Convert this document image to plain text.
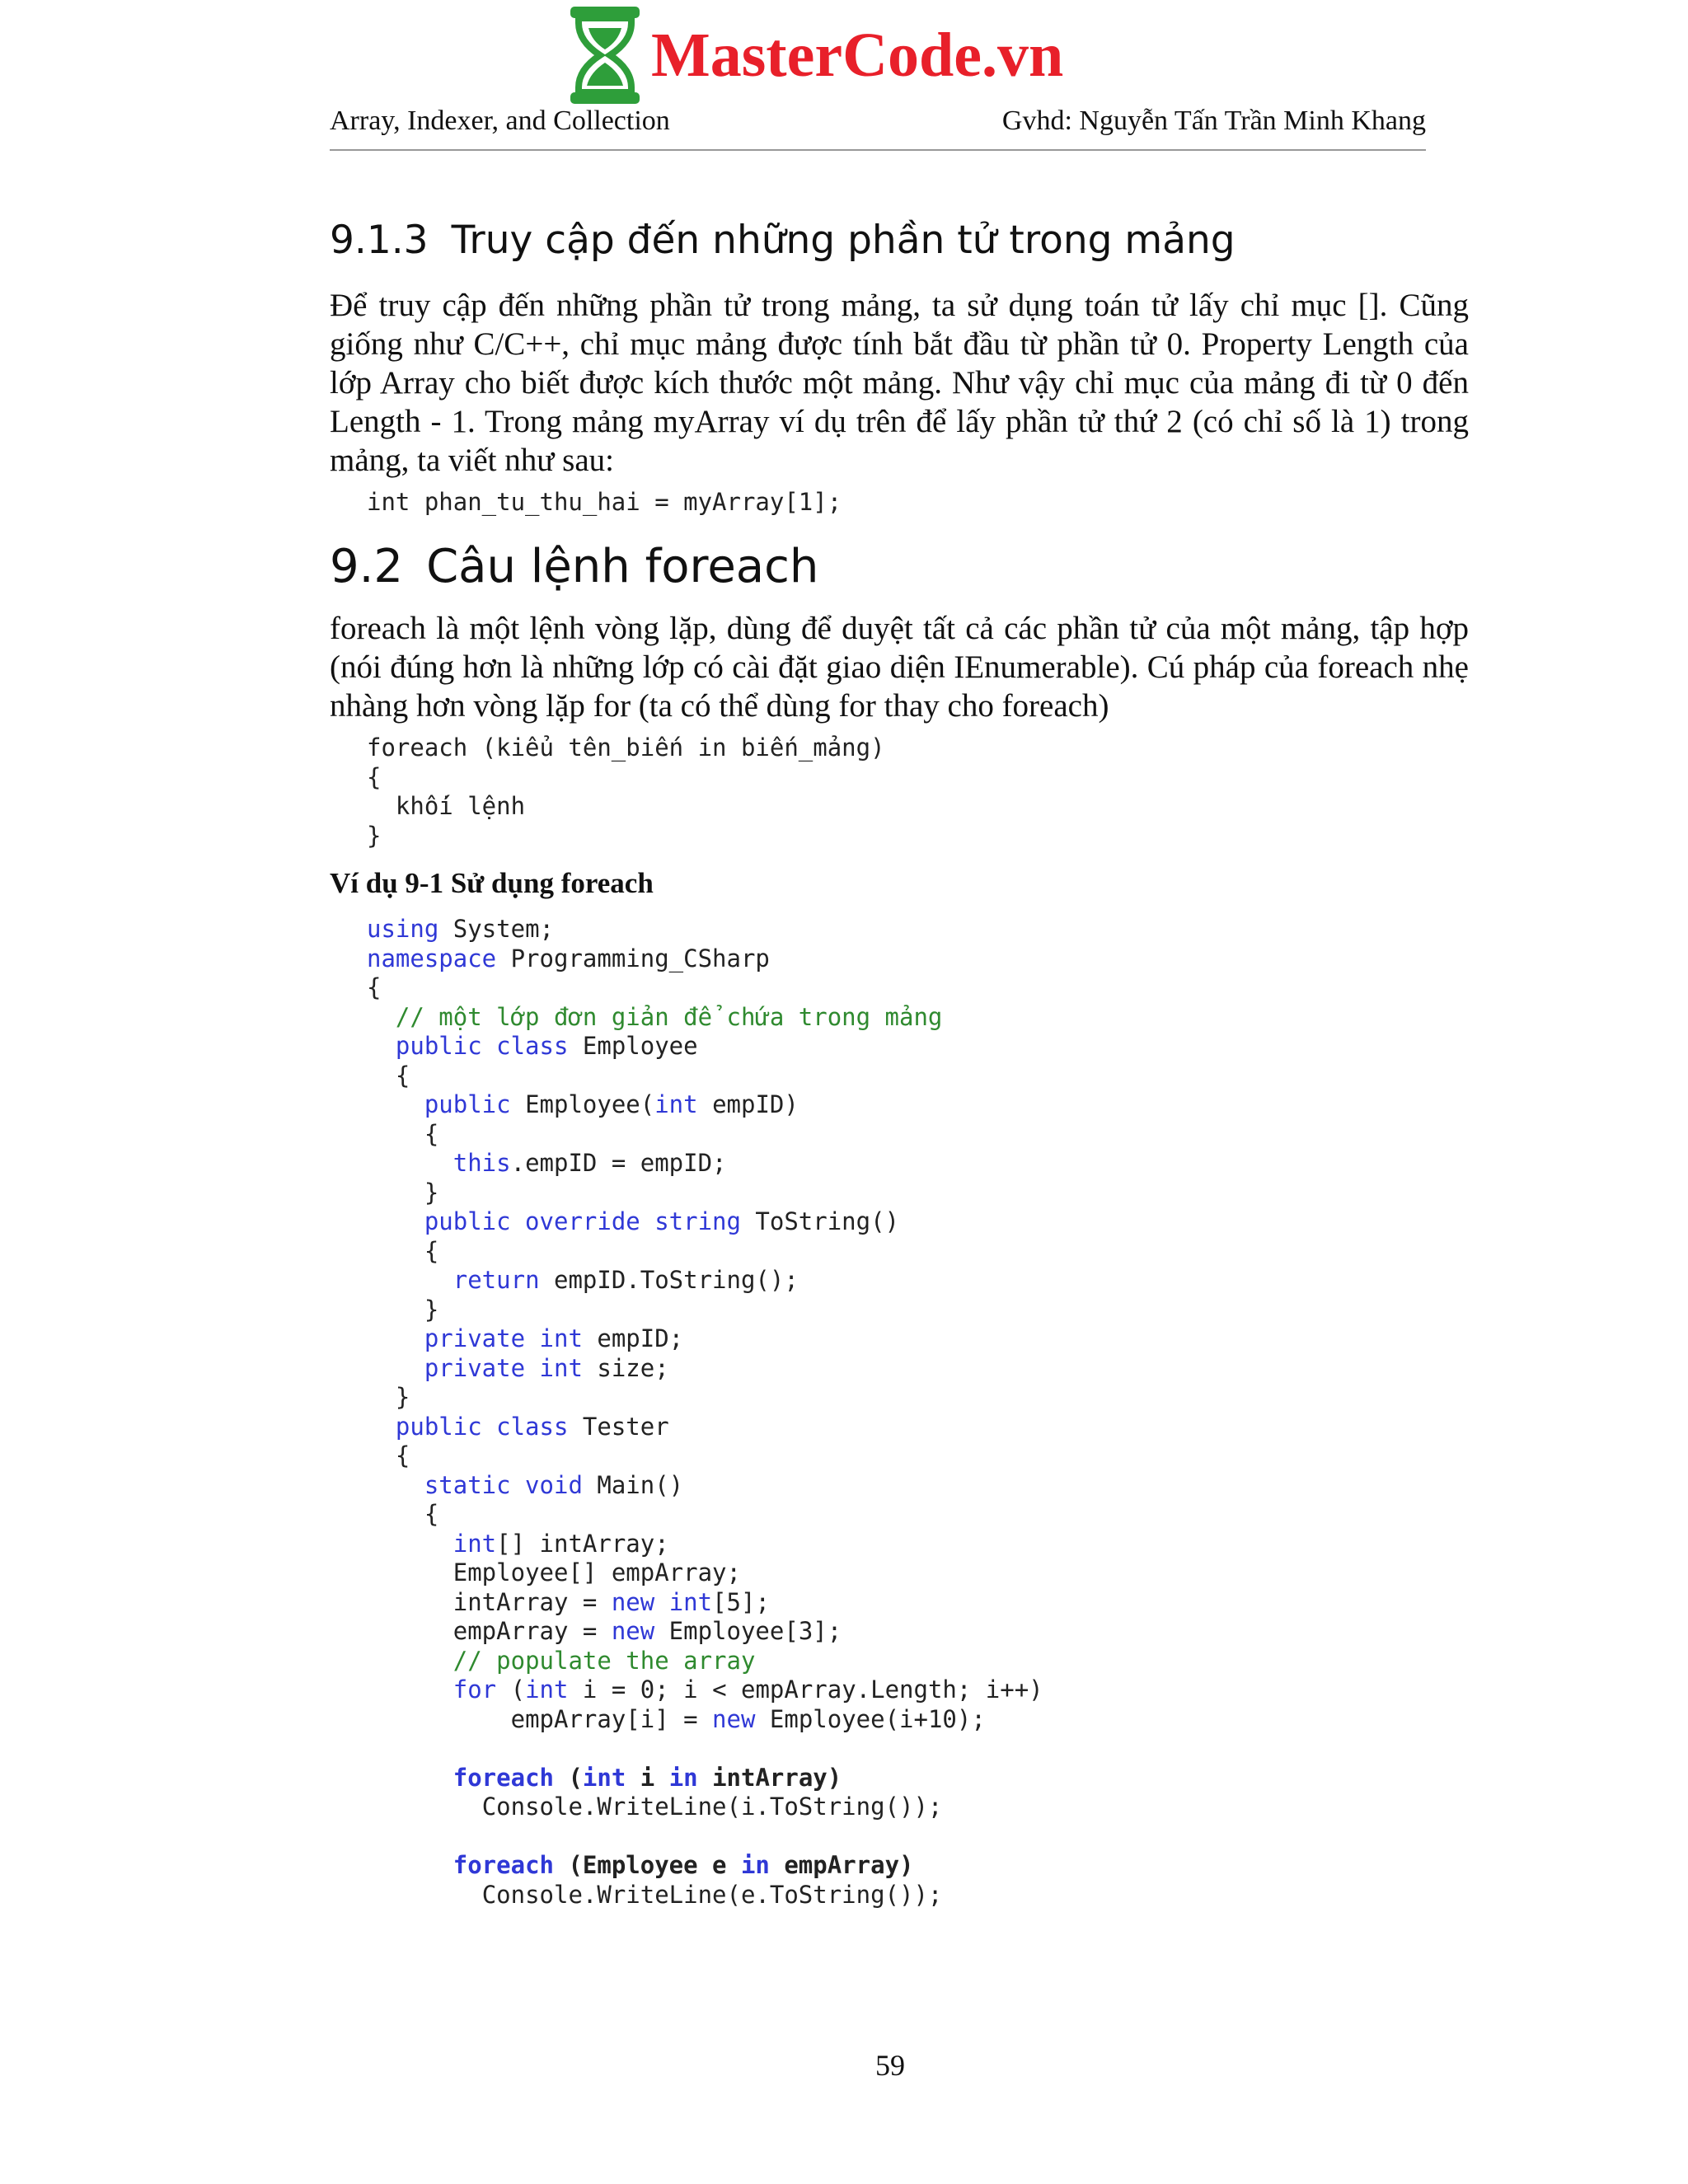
MasterCode.vn
Array, Indexer, and Collection	Gvhd: Nguyễn Tấn Trần Minh Khang
9.1.3 Truy cập đến những phần tử trong mảng
Để truy cập đến những phần tử trong mảng, ta sử dụng toán tử lấy chỉ mục []. Cũng giống như C/C++, chỉ mục mảng được tính bắt đầu từ phần tử 0. Property Length của lớp Array cho biết được kích thước một mảng. Như vậy chỉ mục của mảng đi từ 0 đến Length - 1. Trong mảng myArray ví dụ trên để lấy phần tử thứ 2 (có chỉ số là 1) trong mảng, ta viết như sau:
int phan_tu_thu_hai = myArray[1];
9.2 Câu lệnh foreach
foreach là một lệnh vòng lặp, dùng để duyệt tất cả các phần tử của một mảng, tập hợp (nói đúng hơn là những lớp có cài đặt giao diện IEnumerable). Cú pháp của foreach nhẹ nhàng hơn vòng lặp for (ta có thể dùng for thay cho foreach)
foreach (kiểu tên_biến in biến_mảng)
{
khối lệnh
}
Ví dụ 9-1 Sử dụng foreach
using System;
namespace Programming_CSharp
{
// một lớp đơn giản để chứa trong mảng
public class Employee
{
public Employee(int empID)
{
this.empID = empID;
}
public override string ToString()
{
return empID.ToString();
}
private int empID;
private int size;
}
public class Tester
{
static void Main()
{
int[] intArray;
Employee[] empArray;
intArray = new int[5];
empArray = new Employee[3];
// populate the array
for (int i = 0; i < empArray.Length; i++)
empArray[i] = new Employee(i+10);

foreach (int i in intArray)
Console.WriteLine(i.ToString());

foreach (Employee e in empArray)
Console.WriteLine(e.ToString());
59
